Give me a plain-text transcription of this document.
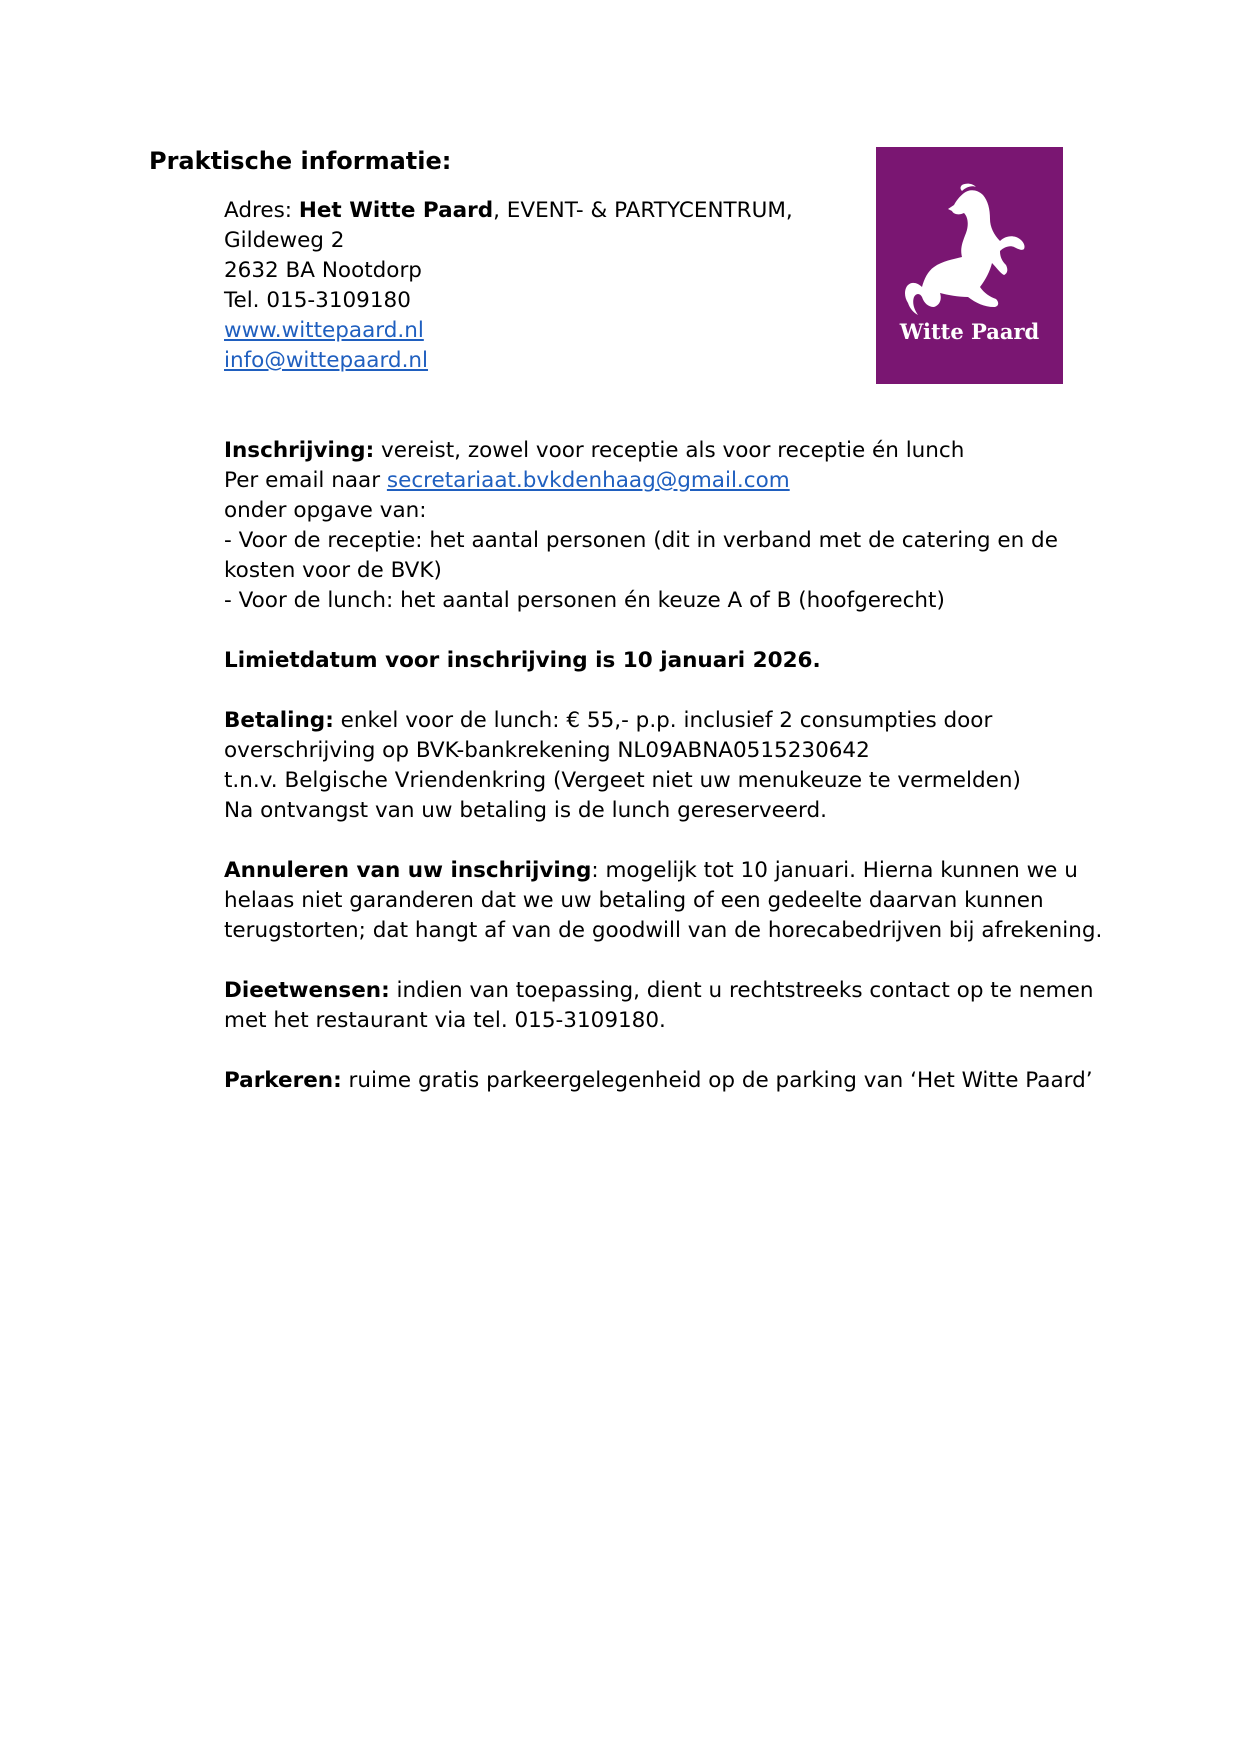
Praktische informatie:
Witte Paard

Adres: Het Witte Paard, EVENT- & PARTYCENTRUM,
Gildeweg 2
2632 BA Nootdorp
Tel. 015-3109180
www.wittepaard.nl
info@wittepaard.nl

Inschrijving: vereist, zowel voor receptie als voor receptie én lunch
Per email naar secretariaat.bvkdenhaag@gmail.com
onder opgave van:
- Voor de receptie: het aantal personen (dit in verband met de catering en de kosten voor de BVK)
- Voor de lunch: het aantal personen én keuze A of B (hoofgerecht)

Limietdatum voor inschrijving is 10 januari 2026.

Betaling: enkel voor de lunch: € 55,- p.p. inclusief 2 consumpties door overschrijving op BVK-bankrekening NL09ABNA0515230642
t.n.v. Belgische Vriendenkring (Vergeet niet uw menukeuze te vermelden)
Na ontvangst van uw betaling is de lunch gereserveerd.

Annuleren van uw inschrijving: mogelijk tot 10 januari. Hierna kunnen we u helaas niet garanderen dat we uw betaling of een gedeelte daarvan kunnen terugstorten; dat hangt af van de goodwill van de horecabedrijven bij afrekening.

Dieetwensen: indien van toepassing, dient u rechtstreeks contact op te nemen met het restaurant via tel. 015-3109180.

Parkeren: ruime gratis parkeergelegenheid op de parking van ‘Het Witte Paard’
